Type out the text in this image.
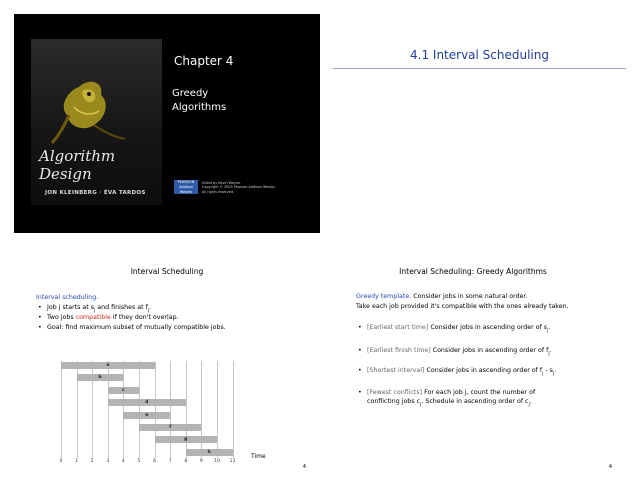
Algorithm Design
JON KLEINBERG · ÉVA TARDOS
Chapter 4
Greedy
Algorithms
PEARSON Addison Wesley
Slides by Kevin Wayne.
Copyright © 2005 Pearson-Addison Wesley.
All rights reserved.
4.1 Interval Scheduling
Interval Scheduling
Interval scheduling.
• Job j starts at $s_j$ and finishes at $f_j$.
• Two jobs compatible if they don't overlap.
• Goal: find maximum subset of mutually compatible jobs.
Time
4
0	1	2	3	4	5	6	7	8	9	10	11
a
b
c
d
e
f
g
h
Interval Scheduling: Greedy Algorithms
Greedy template. Consider jobs in some natural order.
Take each job provided it's compatible with the ones already taken.
• [Earliest start time] Consider jobs in ascending order of $s_j$.
• [Earliest finish time] Consider jobs in ascending order of $f_j$.
• [Shortest interval] Consider jobs in ascending order of $f_j - s_j$.
• [Fewest conflicts] For each job j, count the number of
conflicting jobs $c_j$. Schedule in ascending order of $c_j$.
4
